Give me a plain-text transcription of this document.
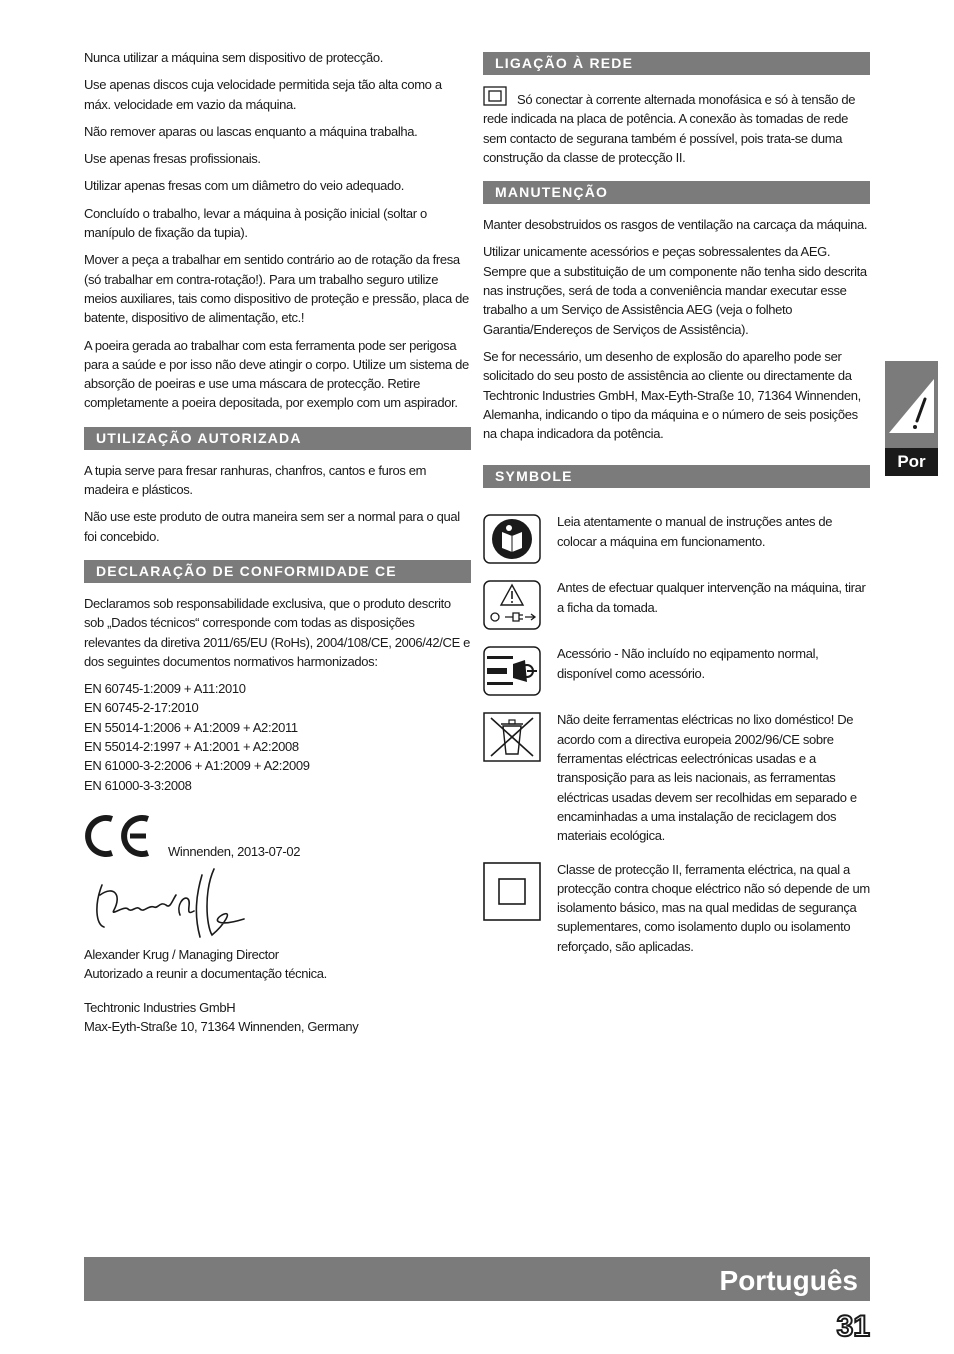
Nunca utilizar a máquina sem dispositivo de protecção.

Use apenas discos cuja velocidade permitida seja tão alta como a máx. velocidade em vazio da máquina.

Não remover aparas ou lascas enquanto a máquina trabalha.

Use apenas fresas profissionais.

Utilizar apenas fresas com um diâmetro do veio adequado.

Concluído o trabalho, levar a máquina à posição inicial (soltar o manípulo de fixação da tupia).

Mover a peça a trabalhar em sentido contrário ao de rotação da fresa (só trabalhar em contra-rotação!). Para um trabalho seguro utilize meios auxiliares, tais como dispositivo de proteção e pressão, placa de batente, dispositivo de alimentação, etc.!

A poeira gerada ao trabalhar com esta ferramenta pode ser perigosa para a saúde e por isso não deve atingir o corpo. Utilize um sistema de absorção de poeiras e use uma máscara de protecção. Retire completamente a poeira depositada, por exemplo com um aspirador.

UTILIZAÇÃO AUTORIZADA

A tupia serve para fresar ranhuras, chanfros, cantos e furos em madeira e plásticos.

Não use este produto de outra maneira sem ser a normal para o qual foi concebido.

DECLARAÇÃO DE CONFORMIDADE CE

Declaramos sob responsabilidade exclusiva, que o produto descrito sob „Dados técnicos“ corresponde com todas as disposições relevantes da diretiva 2011/65/EU (RoHs), 2004/108/CE, 2006/42/CE e dos seguintes documentos normativos harmonizados:

EN 60745-1:2009 + A11:2010

EN 60745-2-17:2010

EN 55014-1:2006 + A1:2009 + A2:2011

EN 55014-2:1997 + A1:2001 + A2:2008

EN 61000-3-2:2006 + A1:2009 + A2:2009

EN 61000-3-3:2008

Winnenden, 2013-07-02

Alexander Krug / Managing Director

Autorizado a reunir a documentação técnica.

Techtronic Industries GmbH

Max-Eyth-Straße 10, 71364 Winnenden, Germany

LIGAÇÃO À REDE

Só conectar à corrente alternada monofásica e só à tensão de rede indicada na placa de potência. A conexão às tomadas de rede sem contacto de segurana também é possível, pois trata-se duma construção da classe de protecção II.

MANUTENÇÃO

Manter desobstruidos os rasgos de ventilação na carcaça da máquina.

Utilizar unicamente acessórios e peças sobressalentes da AEG. Sempre que a substituição de um componente não tenha sido descrita nas instruções, será de toda a conveniência mandar executar esse trabalho a um Serviço de Assistência AEG (veja o folheto Garantia/Endereços de Serviços de Assistência).

Se for necessário, um desenho de explosão do aparelho pode ser solicitado do seu posto de assistência ao cliente ou directamente da Techtronic Industries GmbH, Max-Eyth-Straße 10, 71364 Winnenden, Alemanha, indicando o tipo da máquina e o número de seis posições na chapa indicadora da potência.

SYMBOLE

Leia atentamente o manual de instruções antes de colocar a máquina em funcionamento.

Antes de efectuar qualquer intervenção na máquina, tirar a ficha da tomada.

Acessório - Não incluído no eqipamento normal, disponível como acessório.

Não deite ferramentas eléctricas no lixo doméstico! De acordo com a directiva europeia 2002/96/CE sobre ferramentas eléctricas eelectrónicas usadas e a transposição para as leis nacionais, as ferramentas eléctricas usadas devem ser recolhidas em separado e encaminhadas a uma instalação de reciclagem dos materiais ecológica.

Classe de protecção II, ferramenta eléctrica, na qual a protecção contra choque eléctrico não só depende de um isolamento básico, mas na qual medidas de segurança suplementares, como isolamento duplo ou isolamento reforçado, são aplicadas.

Por
Português
31
